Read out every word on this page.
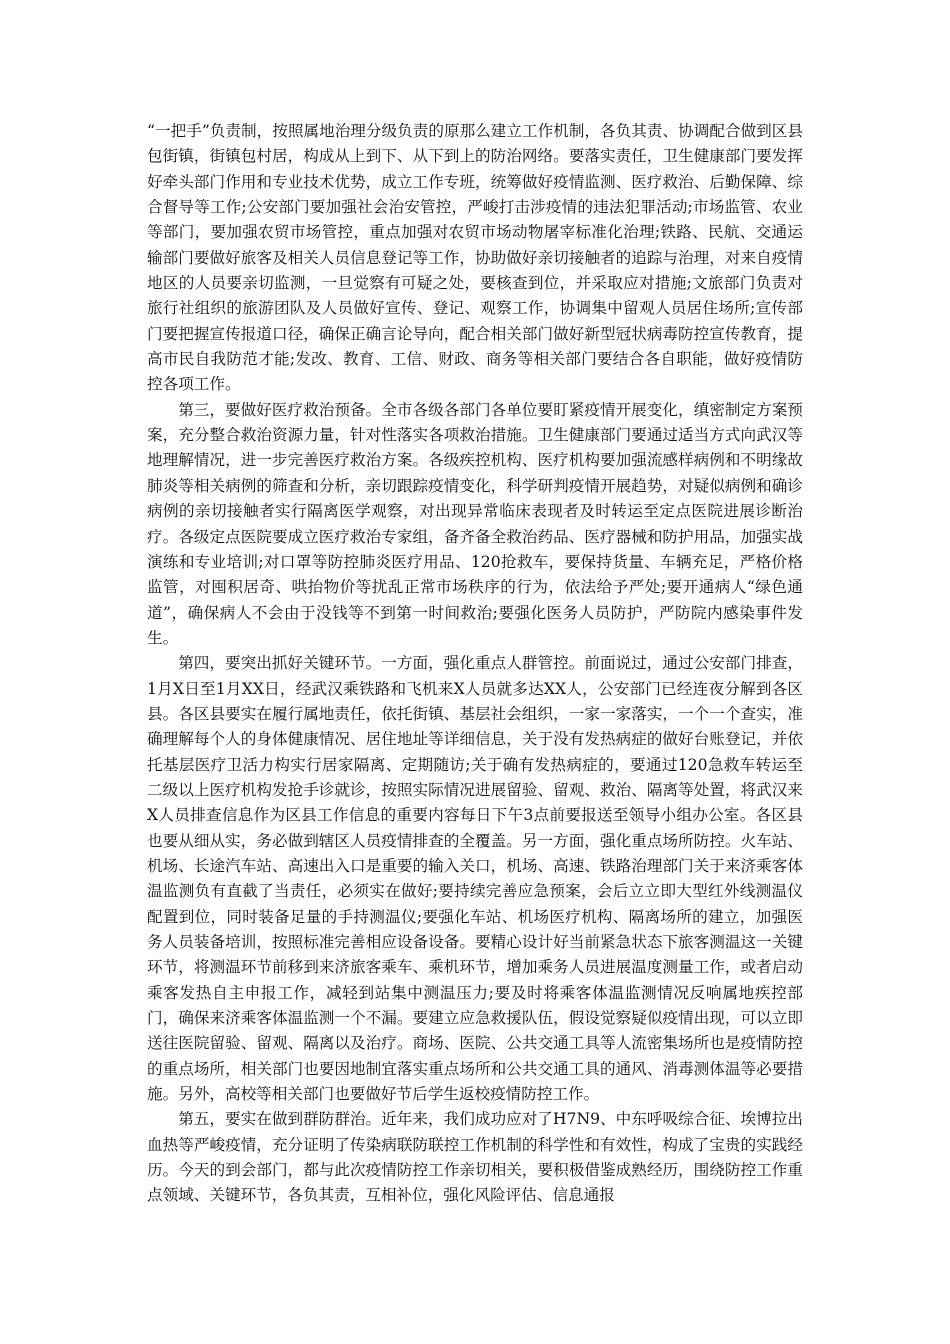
“一把手”负责制，按照属地治理分级负责的原那么建立工作机制，各负其责、协调配合做到区县包街镇，街镇包村居，构成从上到下、从下到上的防治网络。要落实责任，卫生健康部门要发挥好牵头部门作用和专业技术优势，成立工作专班，统筹做好疫情监测、医疗救治、后勤保障、综合督导等工作;公安部门要加强社会治安管控，严峻打击涉疫情的违法犯罪活动;市场监管、农业等部门，要加强农贸市场管控，重点加强对农贸市场动物屠宰标准化治理;铁路、民航、交通运输部门要做好旅客及相关人员信息登记等工作，协助做好亲切接触者的追踪与治理，对来自疫情地区的人员要亲切监测，一旦觉察有可疑之处，要核查到位，并采取应对措施;文旅部门负责对旅行社组织的旅游团队及人员做好宣传、登记、观察工作，协调集中留观人员居住场所;宣传部门要把握宣传报道口径，确保正确言论导向，配合相关部门做好新型冠状病毒防控宣传教育，提高市民自我防范才能;发改、教育、工信、财政、商务等相关部门要结合各自职能，做好疫情防控各项工作。

第三，要做好医疗救治预备。全市各级各部门各单位要盯紧疫情开展变化，缜密制定方案预案，充分整合救治资源力量，针对性落实各项救治措施。卫生健康部门要通过适当方式向武汉等地理解情况，进一步完善医疗救治方案。各级疾控机构、医疗机构要加强流感样病例和不明缘故肺炎等相关病例的筛查和分析，亲切跟踪疫情变化，科学研判疫情开展趋势，对疑似病例和确诊病例的亲切接触者实行隔离医学观察，对出现异常临床表现者及时转运至定点医院进展诊断治疗。各级定点医院要成立医疗救治专家组，备齐备全救治药品、医疗器械和防护用品，加强实战演练和专业培训;对口罩等防控肺炎医疗用品、120抢救车，要保持货量、车辆充足，严格价格监管，对囤积居奇、哄抬物价等扰乱正常市场秩序的行为，依法给予严处;要开通病人“绿色通道”，确保病人不会由于没钱等不到第一时间救治;要强化医务人员防护，严防院内感染事件发生。

第四，要突出抓好关键环节。一方面，强化重点人群管控。前面说过，通过公安部门排查，1月X日至1月XX日，经武汉乘铁路和飞机来X人员就多达XX人，公安部门已经连夜分解到各区县。各区县要实在履行属地责任，依托街镇、基层社会组织，一家一家落实，一个一个查实，准确理解每个人的身体健康情况、居住地址等详细信息，关于没有发热病症的做好台账登记，并依托基层医疗卫活力构实行居家隔离、定期随访;关于确有发热病症的，要通过120急救车转运至二级以上医疗机构发抢手诊就诊，按照实际情况进展留验、留观、救治、隔离等处置，将武汉来X人员排查信息作为区县工作信息的重要内容每日下午3点前要报送至领导小组办公室。各区县也要从细从实，务必做到辖区人员疫情排查的全覆盖。另一方面，强化重点场所防控。火车站、机场、长途汽车站、高速出入口是重要的输入关口，机场、高速、铁路治理部门关于来济乘客体温监测负有直截了当责任，必须实在做好;要持续完善应急预案，会后立立即大型红外线测温仪配置到位，同时装备足量的手持测温仪;要强化车站、机场医疗机构、隔离场所的建立，加强医务人员装备培训，按照标准完善相应设备设备。要精心设计好当前紧急状态下旅客测温这一关键环节，将测温环节前移到来济旅客乘车、乘机环节，增加乘务人员进展温度测量工作，或者启动乘客发热自主申报工作，减轻到站集中测温压力;要及时将乘客体温监测情况反响属地疾控部门，确保来济乘客体温监测一个不漏。要建立应急救援队伍，假设觉察疑似疫情出现，可以立即送往医院留验、留观、隔离以及治疗。商场、医院、公共交通工具等人流密集场所也是疫情防控的重点场所，相关部门也要因地制宜落实重点场所和公共交通工具的通风、消毒测体温等必要措施。另外，高校等相关部门也要做好节后学生返校疫情防控工作。

第五，要实在做到群防群治。近年来，我们成功应对了H7N9、中东呼吸综合征、埃博拉出血热等严峻疫情，充分证明了传染病联防联控工作机制的科学性和有效性，构成了宝贵的实践经历。今天的到会部门，都与此次疫情防控工作亲切相关，要积极借鉴成熟经历，围绕防控工作重点领域、关键环节，各负其责，互相补位，强化风险评估、信息通报
